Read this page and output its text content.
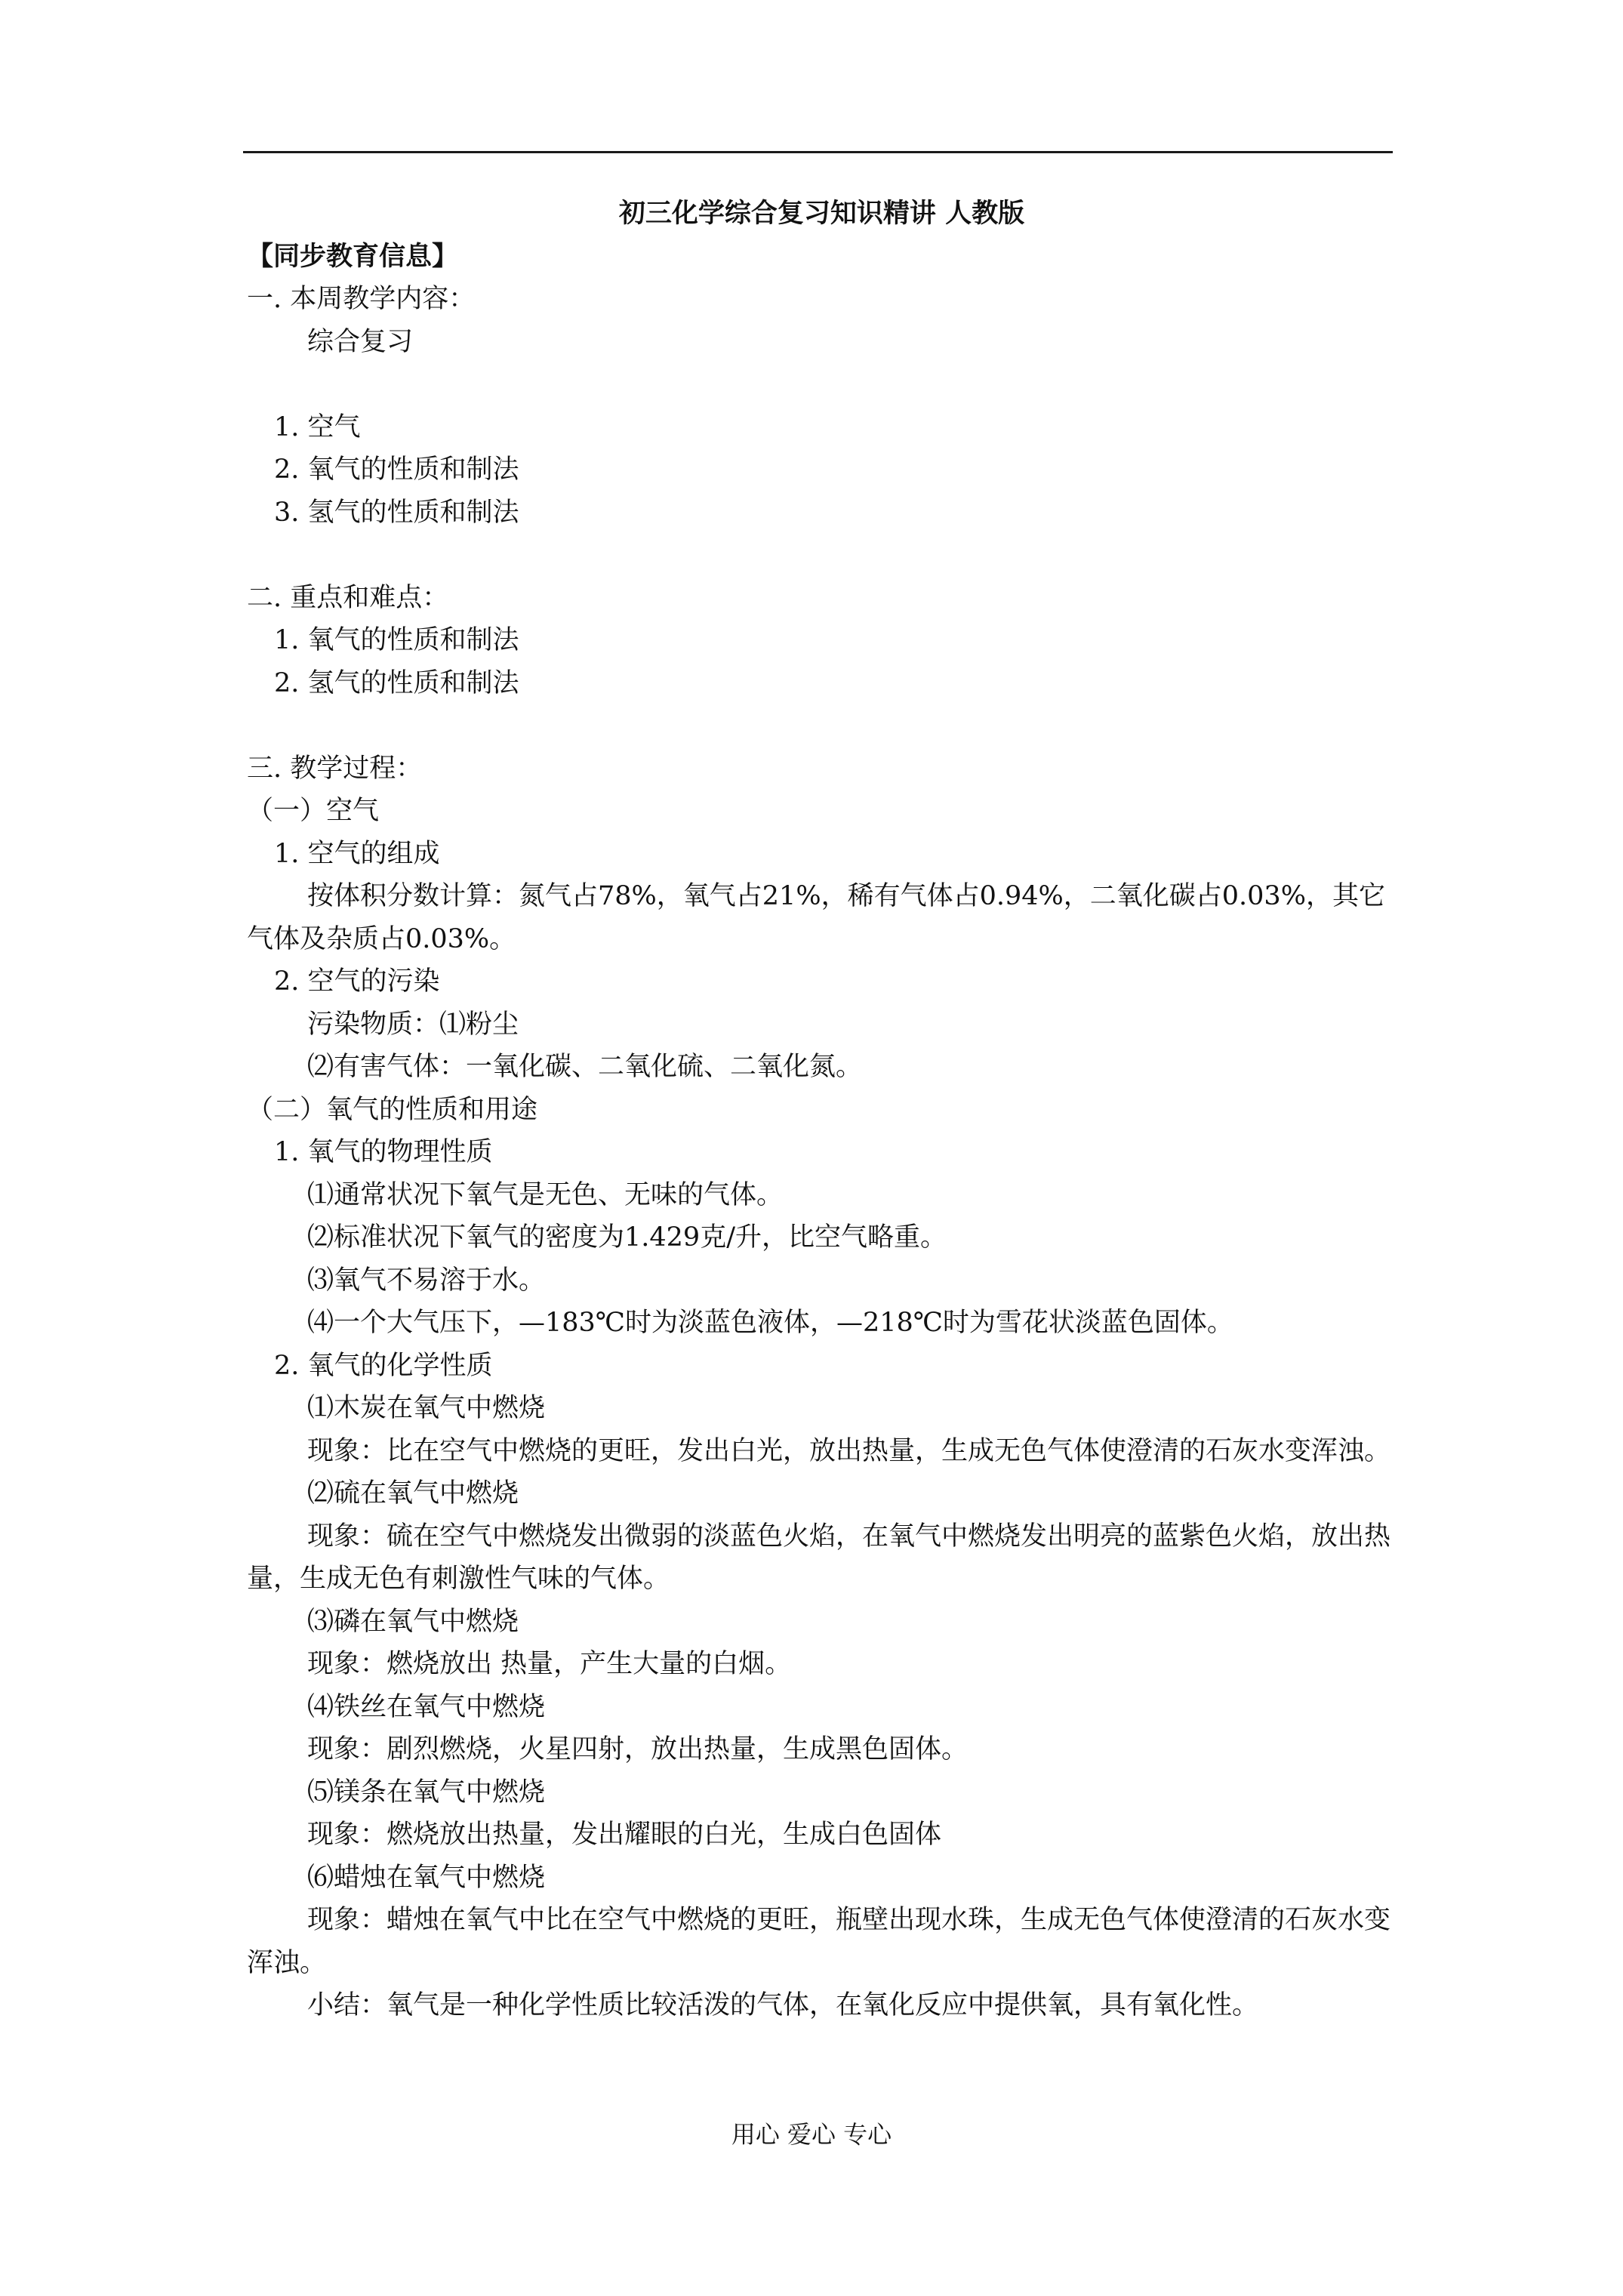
初三化学综合复习知识精讲 人教版

【同步教育信息】

一. 本周教学内容：

综合复习

1. 空气

2. 氧气的性质和制法

3. 氢气的性质和制法

二. 重点和难点：

1. 氧气的性质和制法

2. 氢气的性质和制法

三. 教学过程：

（一）空气

1. 空气的组成

按体积分数计算：氮气占78%，氧气占21%，稀有气体占0.94%，二氧化碳占0.03%，其它气体及杂质占0.03%。

2. 空气的污染

污染物质：⑴粉尘

⑵有害气体：一氧化碳、二氧化硫、二氧化氮。

（二）氧气的性质和用途

1. 氧气的物理性质

⑴通常状况下氧气是无色、无味的气体。

⑵标准状况下氧气的密度为1.429克/升，比空气略重。

⑶氧气不易溶于水。

⑷一个大气压下，—183℃时为淡蓝色液体，—218℃时为雪花状淡蓝色固体。

2. 氧气的化学性质

⑴木炭在氧气中燃烧

现象：比在空气中燃烧的更旺，发出白光，放出热量，生成无色气体使澄清的石灰水变浑浊。

⑵硫在氧气中燃烧

现象：硫在空气中燃烧发出微弱的淡蓝色火焰，在氧气中燃烧发出明亮的蓝紫色火焰，放出热量，生成无色有刺激性气味的气体。

⑶磷在氧气中燃烧

现象：燃烧放出 热量，产生大量的白烟。

⑷铁丝在氧气中燃烧

现象：剧烈燃烧，火星四射，放出热量，生成黑色固体。

⑸镁条在氧气中燃烧

现象：燃烧放出热量，发出耀眼的白光，生成白色固体

⑹蜡烛在氧气中燃烧

现象：蜡烛在氧气中比在空气中燃烧的更旺，瓶壁出现水珠，生成无色气体使澄清的石灰水变浑浊。

小结：氧气是一种化学性质比较活泼的气体，在氧化反应中提供氧，具有氧化性。

用心 爱心 专心
